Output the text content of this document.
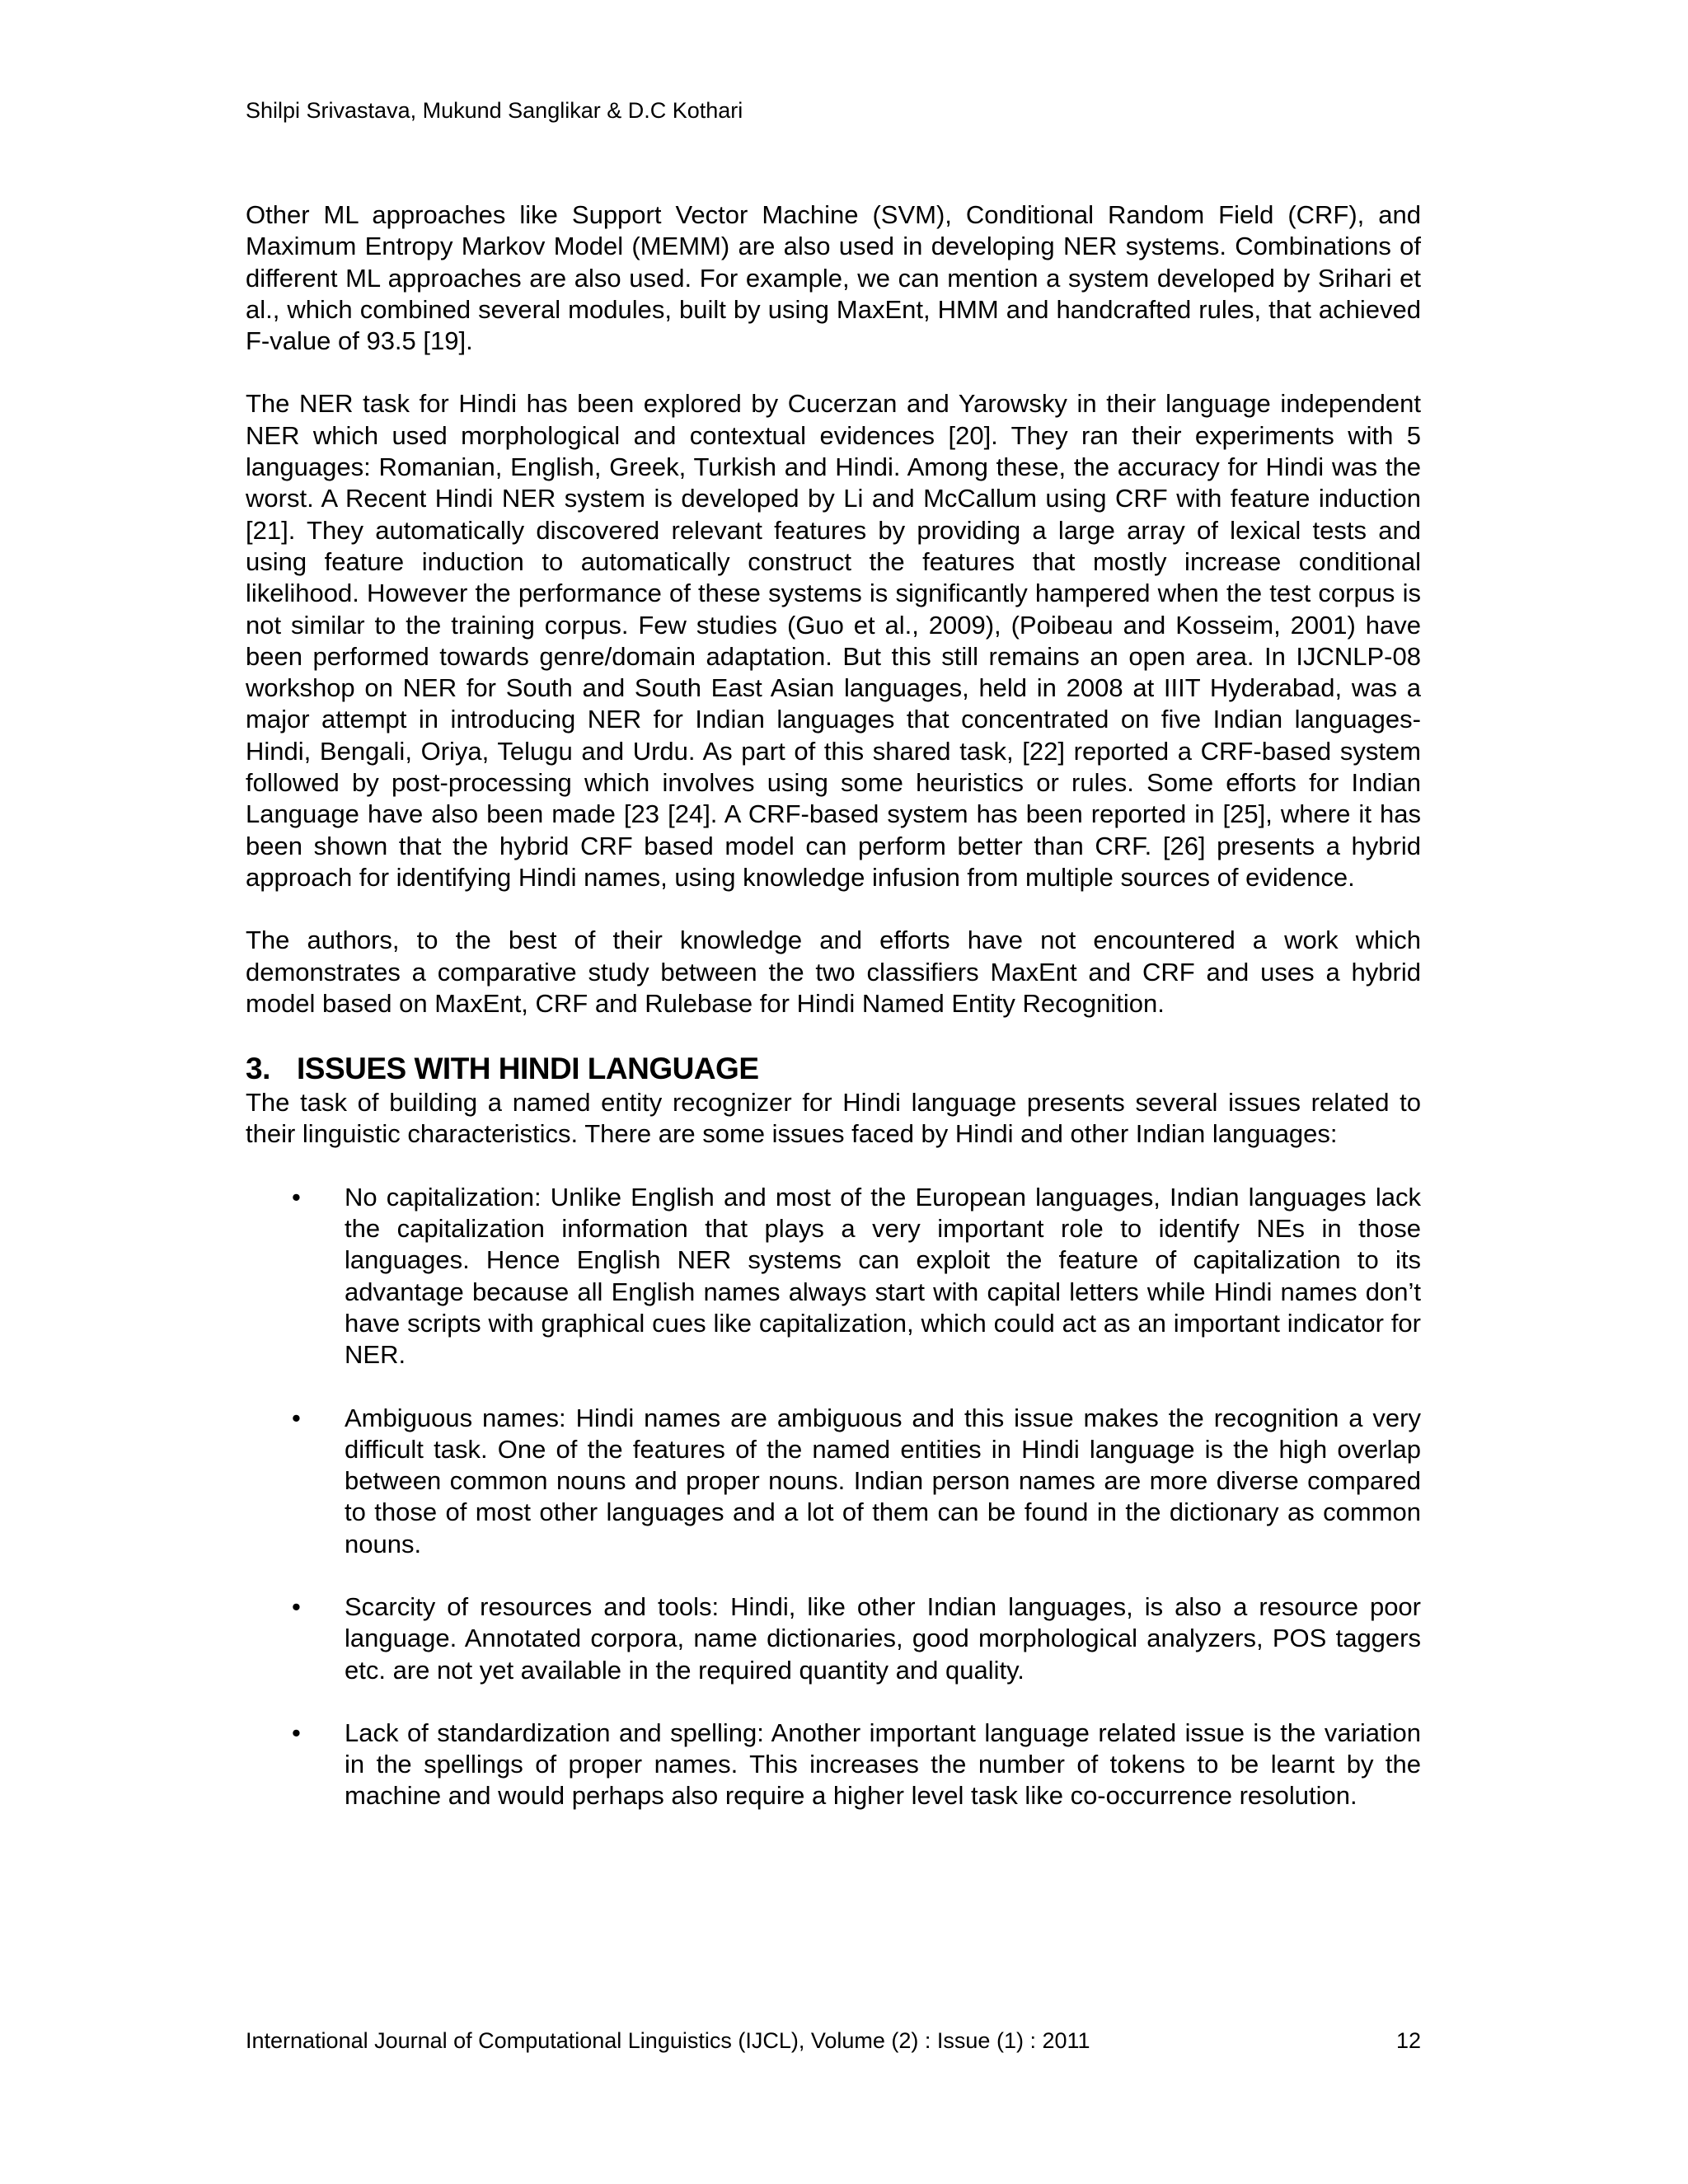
Shilpi Srivastava, Mukund Sanglikar & D.C Kothari

Other ML approaches like Support Vector Machine (SVM), Conditional Random Field (CRF), and Maximum Entropy Markov Model (MEMM) are also used in developing NER systems. Combinations of different ML approaches are also used. For example, we can mention a system developed by Srihari et al., which combined several modules, built by using MaxEnt, HMM and handcrafted rules, that achieved F-value of 93.5 [19].

The NER task for Hindi has been explored by Cucerzan and Yarowsky in their language independent NER which used morphological and contextual evidences [20]. They ran their experiments with 5 languages: Romanian, English, Greek, Turkish and Hindi. Among these, the accuracy for Hindi was the worst. A Recent Hindi NER system is developed by Li and McCallum using CRF with feature induction [21]. They automatically discovered relevant features by providing a large array of lexical tests and using feature induction to automatically construct the features that mostly increase conditional likelihood. However the performance of these systems is significantly hampered when the test corpus is not similar to the training corpus. Few studies (Guo et al., 2009), (Poibeau and Kosseim, 2001) have been performed towards genre/domain adaptation. But this still remains an open area. In IJCNLP-08 workshop on NER for South and South East Asian languages, held in 2008 at IIIT Hyderabad, was a major attempt in introducing NER for Indian languages that concentrated on five Indian languages- Hindi, Bengali, Oriya, Telugu and Urdu. As part of this shared task, [22] reported a CRF-based system followed by post-processing which involves using some heuristics or rules. Some efforts for Indian Language have also been made [23 [24]. A CRF-based system has been reported in [25], where it has been shown that the hybrid CRF based model can perform better than CRF. [26] presents a hybrid approach for identifying Hindi names, using knowledge infusion from multiple sources of evidence.

The authors, to the best of their knowledge and efforts have not encountered a work which demonstrates a comparative study between the two classifiers MaxEnt and CRF and uses a hybrid model based on MaxEnt, CRF and Rulebase for Hindi Named Entity Recognition.

3. ISSUES WITH HINDI LANGUAGE

The task of building a named entity recognizer for Hindi language presents several issues related to their linguistic characteristics. There are some issues faced by Hindi and other Indian languages:

•	No capitalization: Unlike English and most of the European languages, Indian languages lack the capitalization information that plays a very important role to identify NEs in those languages. Hence English NER systems can exploit the feature of capitalization to its advantage because all English names always start with capital letters while Hindi names don’t have scripts with graphical cues like capitalization, which could act as an important indicator for NER.
•	Ambiguous names: Hindi names are ambiguous and this issue makes the recognition a very difficult task. One of the features of the named entities in Hindi language is the high overlap between common nouns and proper nouns. Indian person names are more diverse compared to those of most other languages and a lot of them can be found in the dictionary as common nouns.
•	Scarcity of resources and tools: Hindi, like other Indian languages, is also a resource poor language. Annotated corpora, name dictionaries, good morphological analyzers, POS taggers etc. are not yet available in the required quantity and quality.
•	Lack of standardization and spelling: Another important language related issue is the variation in the spellings of proper names. This increases the number of tokens to be learnt by the machine and would perhaps also require a higher level task like co-occurrence resolution.
International Journal of Computational Linguistics (IJCL), Volume (2) : Issue (1) : 2011	12
